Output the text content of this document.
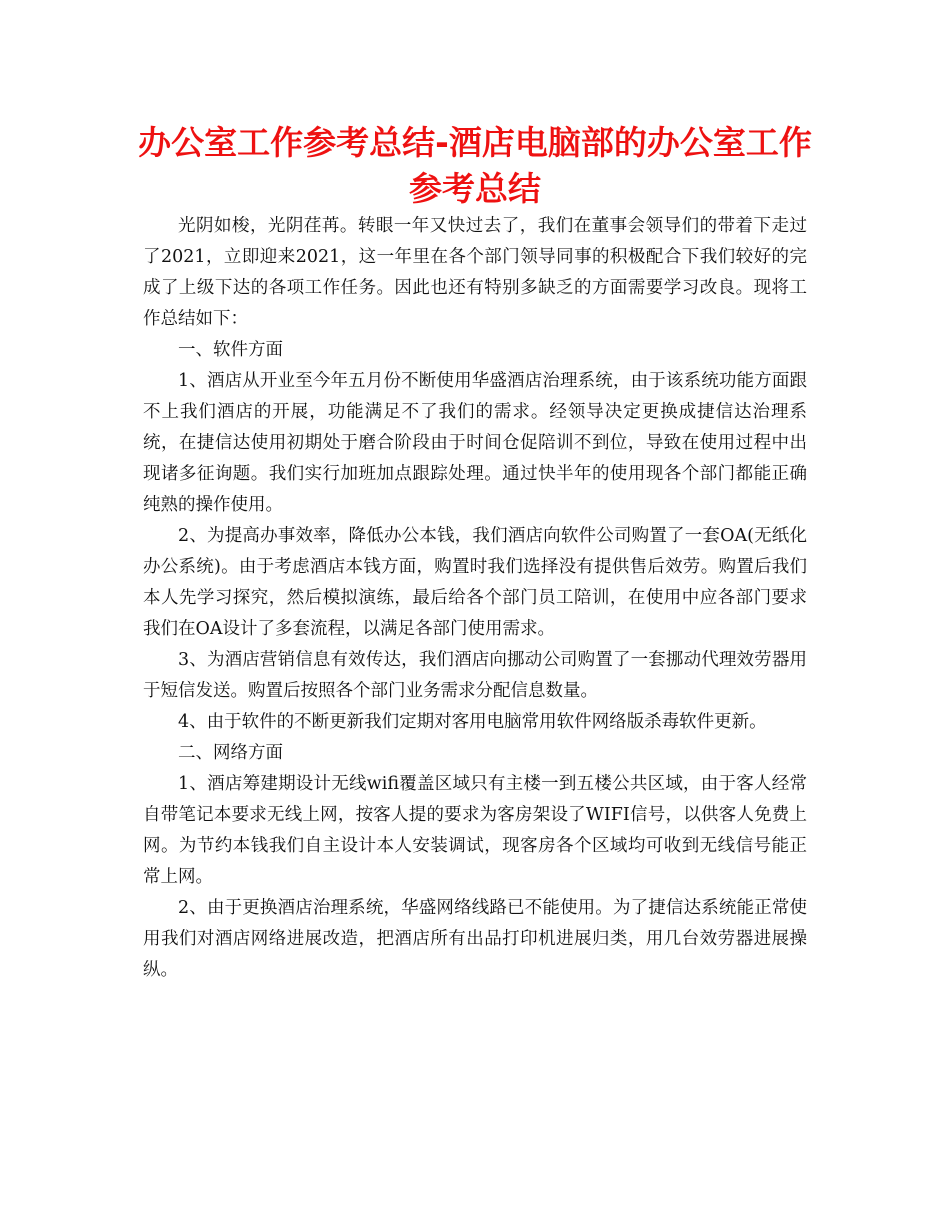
办公室工作参考总结-酒店电脑部的办公室工作参考总结

光阴如梭，光阴荏苒。转眼一年又快过去了，我们在董事会领导们的带着下走过了2021，立即迎来2021，这一年里在各个部门领导同事的积极配合下我们较好的完成了上级下达的各项工作任务。因此也还有特别多缺乏的方面需要学习改良。现将工作总结如下：

一、软件方面

1、酒店从开业至今年五月份不断使用华盛酒店治理系统，由于该系统功能方面跟不上我们酒店的开展，功能满足不了我们的需求。经领导决定更换成捷信达治理系统，在捷信达使用初期处于磨合阶段由于时间仓促陪训不到位，导致在使用过程中出现诸多征询题。我们实行加班加点跟踪处理。通过快半年的使用现各个部门都能正确纯熟的操作使用。

2、为提高办事效率，降低办公本钱，我们酒店向软件公司购置了一套OA(无纸化办公系统)。由于考虑酒店本钱方面，购置时我们选择没有提供售后效劳。购置后我们本人先学习探究，然后模拟演练，最后给各个部门员工陪训，在使用中应各部门要求我们在OA设计了多套流程，以满足各部门使用需求。

3、为酒店营销信息有效传达，我们酒店向挪动公司购置了一套挪动代理效劳器用于短信发送。购置后按照各个部门业务需求分配信息数量。

4、由于软件的不断更新我们定期对客用电脑常用软件网络版杀毒软件更新。

二、网络方面

1、酒店筹建期设计无线wifi覆盖区域只有主楼一到五楼公共区域，由于客人经常自带笔记本要求无线上网，按客人提的要求为客房架设了WIFI信号，以供客人免费上网。为节约本钱我们自主设计本人安装调试，现客房各个区域均可收到无线信号能正常上网。

2、由于更换酒店治理系统，华盛网络线路已不能使用。为了捷信达系统能正常使用我们对酒店网络进展改造，把酒店所有出品打印机进展归类，用几台效劳器进展操纵。
